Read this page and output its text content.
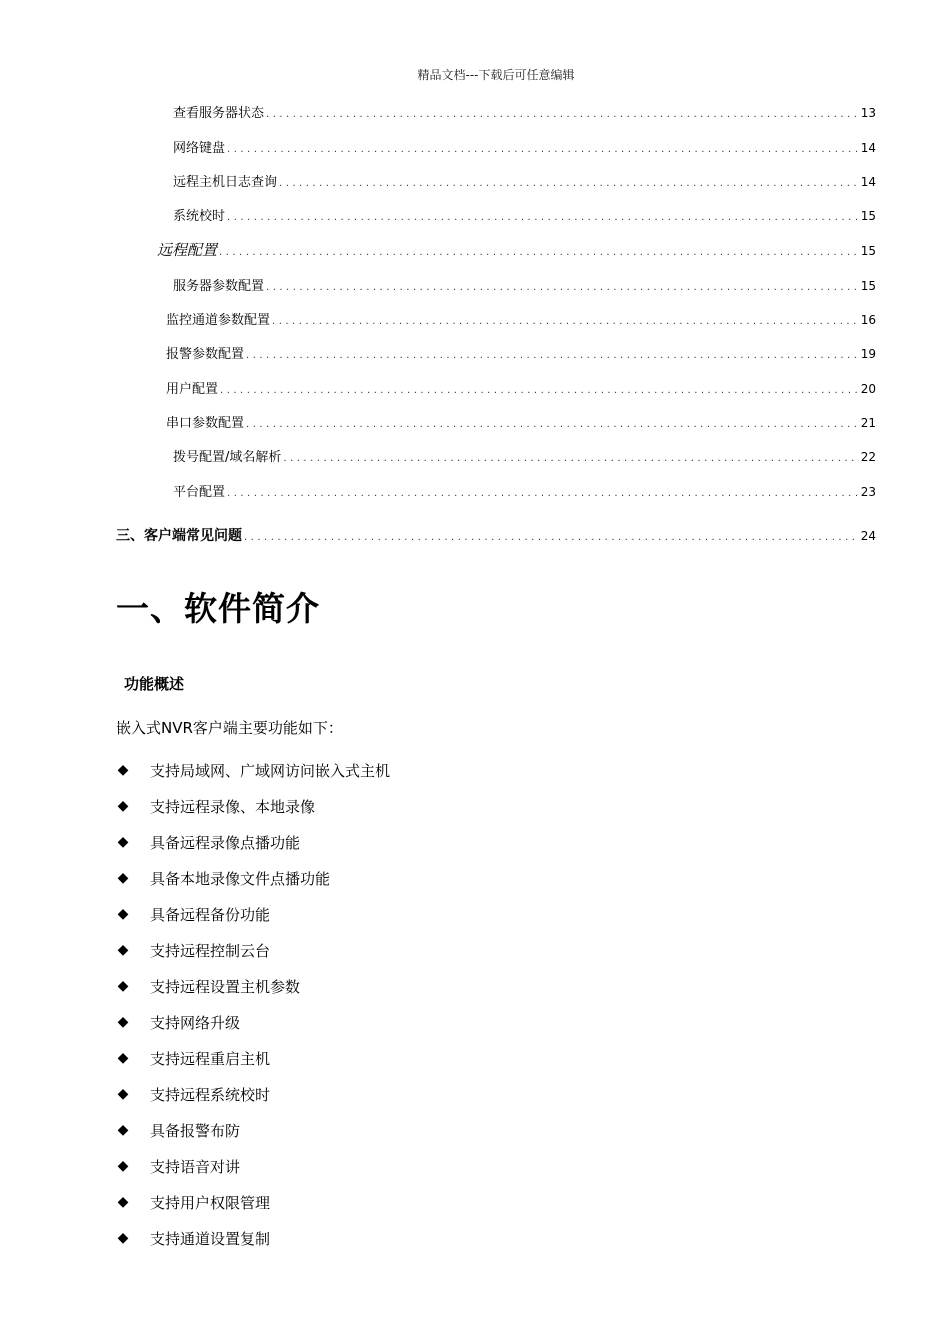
精品文档---下载后可任意编辑
查看服务器状态 .....	13
网络键盘 .....	14
远程主机日志查询 .....	14
系统校时 .....	15
远程配置 .....	15
服务器参数配置 .....	15
监控通道参数配置 .....	16
报警参数配置 .....	19
用户配置 .....	20
串口参数配置 .....	21
拨号配置/域名解析 .....	22
平台配置 .....	23
三、客户端常见问题 .....	24
一、软件简介
功能概述
嵌入式NVR客户端主要功能如下：
◆ 支持局域网、广域网访问嵌入式主机
◆ 支持远程录像、本地录像
◆ 具备远程录像点播功能
◆ 具备本地录像文件点播功能
◆ 具备远程备份功能
◆ 支持远程控制云台
◆ 支持远程设置主机参数
◆ 支持网络升级
◆ 支持远程重启主机
◆ 支持远程系统校时
◆ 具备报警布防
◆ 支持语音对讲
◆ 支持用户权限管理
◆ 支持通道设置复制
